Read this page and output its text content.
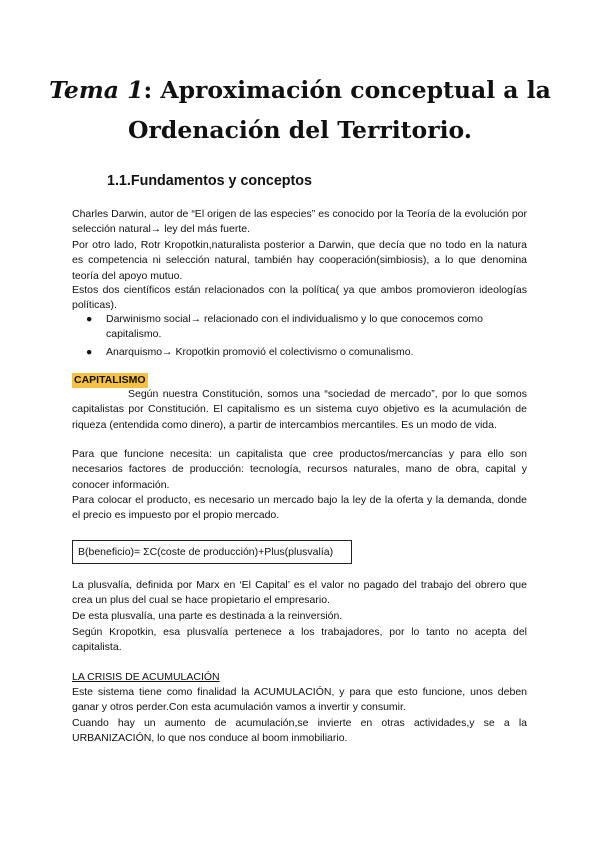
Tema 1: Aproximación conceptual a la Ordenación del Territorio.
1.1.Fundamentos y conceptos

Charles Darwin, autor de “El origen de las especies” es conocido por la Teoría de la evolución por selección natural→ ley del más fuerte.

Por otro lado, Rotr Kropotkin,naturalista posterior a Darwin, que decía que no todo en la natura es competencia ni selección natural, también hay cooperación(simbiosis), a lo que denomina teoría del apoyo mutuo.

Estos dos científicos están relacionados con la política( ya que ambos promovieron ideologías políticas).

● Darwinismo social→ relacionado con el individualismo y lo que conocemos como capitalismo.
● Anarquismo→ Kropotkin promovió el colectivismo o comunalismo.
CAPITALISMO

Según nuestra Constitución, somos una “sociedad de mercado”, por lo que somos capitalistas por Constitución. El capitalismo es un sistema cuyo objetivo es la acumulación de riqueza (entendida como dinero), a partir de intercambios mercantiles. Es un modo de vida.

Para que funcione necesita: un capitalista que cree productos/mercancías y para ello son necesarios factores de producción: tecnología, recursos naturales, mano de obra, capital y conocer información.

Para colocar el producto, es necesario un mercado bajo la ley de la oferta y la demanda, donde el precio es impuesto por el propio mercado.

B(beneficio)= ΣC(coste de producción)+Plus(plusvalía)

La plusvalía, definida por Marx en ‘El Capital’ es el valor no pagado del trabajo del obrero que crea un plus del cual se hace propietario el empresario.

De esta plusvalía, una parte es destinada a la reinversión.

Según Kropotkin, esa plusvalía pertenece a los trabajadores, por lo tanto no acepta del capitalista.

LA CRISIS DE ACUMULACIÓN

Este sistema tiene como finalidad la ACUMULACIÓN, y para que esto funcione, unos deben ganar y otros perder.Con esta acumulación vamos a invertir y consumir.

Cuando hay un aumento de acumulación,se invierte en otras actividades,y se a la URBANIZACIÓN, lo que nos conduce al boom inmobiliario.
